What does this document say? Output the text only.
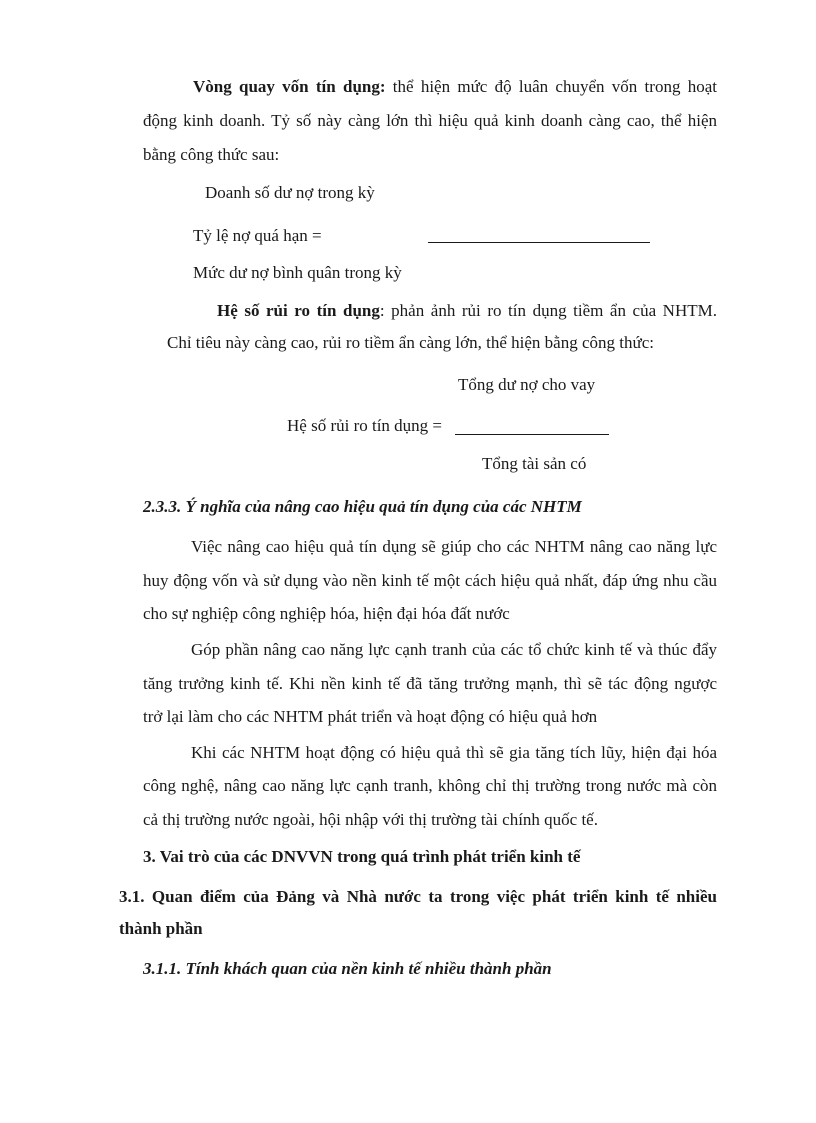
Vòng quay vốn tín dụng: thể hiện mức độ luân chuyển vốn trong hoạt
động kinh doanh. Tỷ số này càng lớn thì hiệu quả kinh doanh càng cao, thể hiện
bằng công thức sau:
Doanh số dư nợ trong kỳ
Tỷ lệ nợ quá hạn =
Mức dư nợ bình quân trong kỳ
Hệ số rủi ro tín dụng: phản ảnh rủi ro tín dụng tiềm ẩn của NHTM.
Chỉ tiêu này càng cao, rủi ro tiềm ẩn càng lớn, thể hiện bằng công thức:
Tổng dư nợ cho vay
Hệ số rủi ro tín dụng =
Tổng tài sản có
2.3.3. Ý nghĩa của nâng cao hiệu quả tín dụng của các NHTM
Việc nâng cao hiệu quả tín dụng sẽ giúp cho các NHTM nâng cao năng lực
huy động vốn và sử dụng vào nền kinh tế một cách hiệu quả nhất, đáp ứng nhu cầu
cho sự nghiệp công nghiệp hóa, hiện đại hóa đất nước
Góp phần nâng cao năng lực cạnh tranh của các tổ chức kinh tế và thúc đẩy
tăng trưởng kinh tế. Khi nền kinh tế đã tăng trưởng mạnh, thì sẽ tác động ngược
trở lại làm cho các NHTM phát triển và hoạt động có hiệu quả hơn
Khi các NHTM hoạt động có hiệu quả thì sẽ gia tăng tích lũy, hiện đại hóa
công nghệ, nâng cao năng lực cạnh tranh, không chỉ thị trường trong nước mà còn
cả thị trường nước ngoài, hội nhập với thị trường tài chính quốc tế.
3. Vai trò của các DNVVN trong quá trình phát triển kinh tế
3.1. Quan điểm của Đảng và Nhà nước ta trong việc phát triển kinh tế nhiều
thành phần
3.1.1. Tính khách quan của nền kinh tế nhiều thành phần
